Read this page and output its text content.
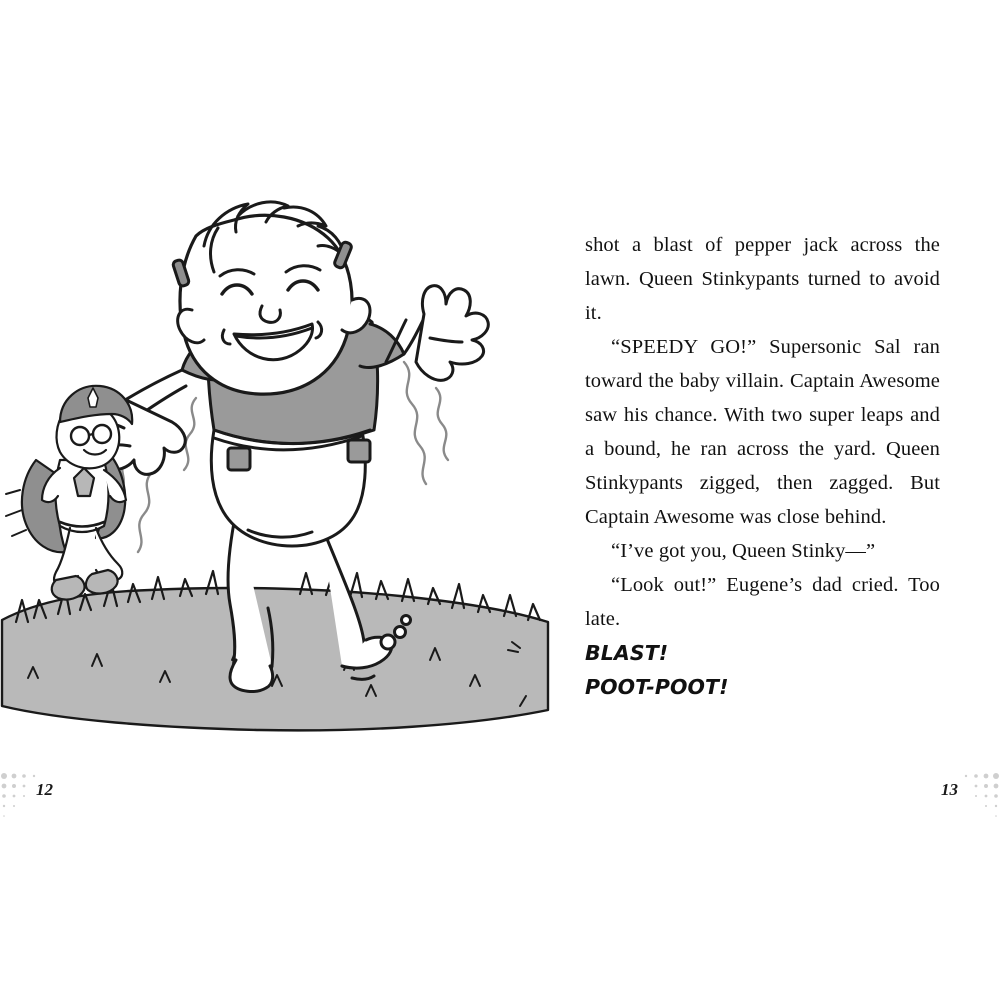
12

shot a blast of pepper jack across the lawn. Queen Stinkypants turned to avoid it.

“SPEEDY GO!” Supersonic Sal ran toward the baby villain. Captain Awesome saw his chance. With two super leaps and a bound, he ran across the yard. Queen Stinkypants zigged, then zagged. But Captain Awesome was close behind.

“I’ve got you, Queen Stinky—”

“Look out!” Eugene’s dad cried. Too late.

BLAST!

POOT-POOT!

13
